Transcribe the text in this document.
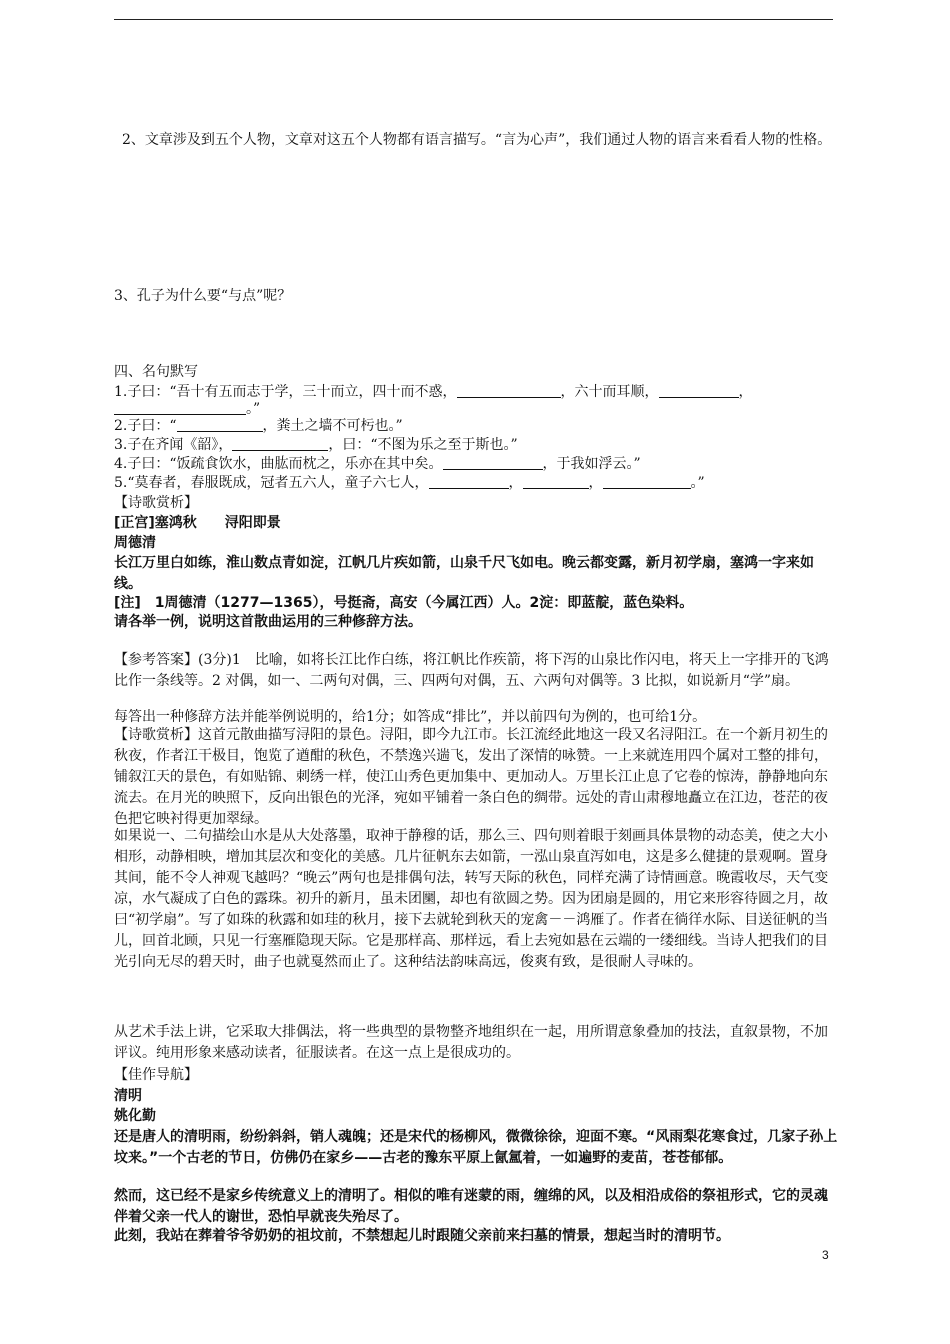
2、文章涉及到五个人物，文章对这五个人物都有语言描写。“言为心声”，我们通过人物的语言来看看人物的性格。
3、孔子为什么要“与点”呢？
四、名句默写
1.子曰：“吾十有五而志于学，三十而立，四十而不惑，	，六十而耳顺，	，
。”
2.子曰：“	，粪土之墙不可杇也。”
3.子在齐闻《韶》，	，曰：“不图为乐之至于斯也。”
4.子曰：“饭疏食饮水，曲肱而枕之，乐亦在其中矣。	，于我如浮云。”
5.“莫春者，春服既成，冠者五六人，童子六七人，	，	，	。”
【诗歌赏析】
[正宫]塞鸿秋　　浔阳即景
周德清
长江万里白如练，淮山数点青如淀，江帆几片疾如箭，山泉千尺飞如电。晚云都变露，新月初学扇，塞鸿一字来如线。
[注]　1周德清（1277—1365），号挺斋，高安（今属江西）人。2淀：即蓝靛，蓝色染料。
请各举一例，说明这首散曲运用的三种修辞方法。
【参考答案】(3分)1　比喻，如将长江比作白练，将江帆比作疾箭，将下泻的山泉比作闪电，将天上一字排开的飞鸿比作一条线等。2 对偶，如一、二两句对偶，三、四两句对偶，五、六两句对偶等。3 比拟，如说新月“学”扇。
每答出一种修辞方法并能举例说明的，给1分；如答成“排比”，并以前四句为例的，也可给1分。
【诗歌赏析】这首元散曲描写浔阳的景色。浔阳，即今九江市。长江流经此地这一段又名浔阳江。在一个新月初生的秋夜，作者江干极目，饱览了遒酣的秋色，不禁逸兴遄飞，发出了深情的咏赞。一上来就连用四个属对工整的排句，铺叙江天的景色，有如贴锦、刺绣一样，使江山秀色更加集中、更加动人。万里长江止息了它卷的惊涛，静静地向东流去。在月光的映照下，反向出银色的光泽，宛如平铺着一条白色的绸带。远处的青山肃穆地矗立在江边，苍茫的夜色把它映衬得更加翠绿。
如果说一、二句描绘山水是从大处落墨，取神于静穆的话，那么三、四句则着眼于刻画具体景物的动态美，使之大小相形，动静相映，增加其层次和变化的美感。几片征帆东去如箭，一泓山泉直泻如电，这是多么健捷的景观啊。置身其间，能不令人神观飞越吗？“晚云”两句也是排偶句法，转写天际的秋色，同样充满了诗情画意。晚霞收尽，天气变凉，水气凝成了白色的露珠。初升的新月，虽未团圞，却也有欲圆之势。因为团扇是圆的，用它来形容待圆之月，故曰“初学扇”。写了如珠的秋露和如珪的秋月，接下去就轮到秋天的宠禽－－鸿雁了。作者在徜徉水际、目送征帆的当儿，回首北顾，只见一行塞雁隐现天际。它是那样高、那样远，看上去宛如悬在云端的一缕细线。当诗人把我们的目光引向无尽的碧天时，曲子也就戛然而止了。这种结法韵味高远，俊爽有致，是很耐人寻味的。
从艺术手法上讲，它采取大排偶法，将一些典型的景物整齐地组织在一起，用所谓意象叠加的技法，直叙景物，不加评议。纯用形象来感动读者，征服读者。在这一点上是很成功的。
【佳作导航】
清明
姚化勤
还是唐人的清明雨，纷纷斜斜，销人魂魄；还是宋代的杨柳风，微微徐徐，迎面不寒。“风雨梨花寒食过，几家子孙上坟来。”一个古老的节日，仿佛仍在家乡——古老的豫东平原上氤氲着，一如遍野的麦苗，苍苍郁郁。
然而，这已经不是家乡传统意义上的清明了。相似的唯有迷蒙的雨，缠绵的风，以及相沿成俗的祭祖形式，它的灵魂伴着父亲一代人的谢世，恐怕早就丧失殆尽了。
此刻，我站在葬着爷爷奶奶的祖坟前，不禁想起儿时跟随父亲前来扫墓的情景，想起当时的清明节。
3
